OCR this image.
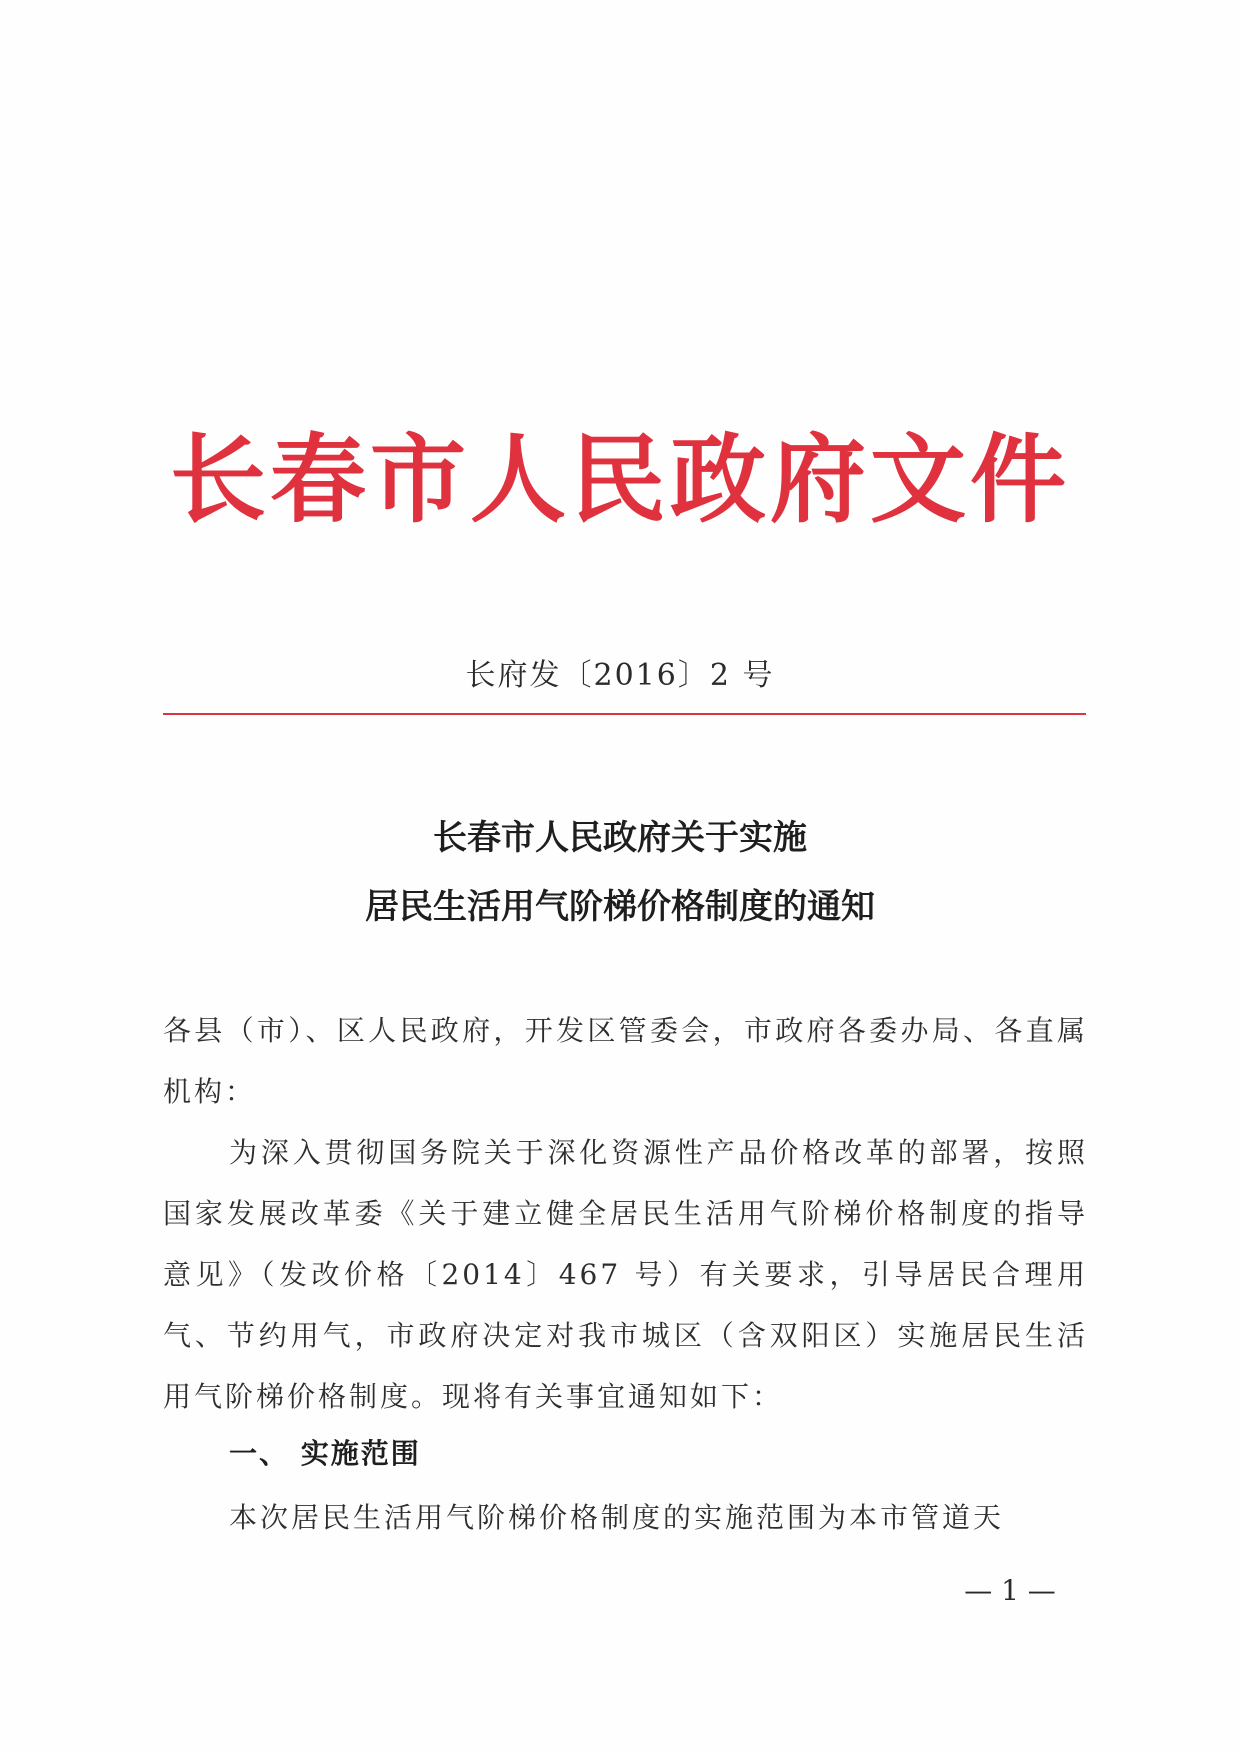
长春市人民政府文件
长府发〔2016〕2 号
长春市人民政府关于实施
居民生活用气阶梯价格制度的通知
各县（市）、区人民政府，开发区管委会，市政府各委办局、各直属机构：
为深入贯彻国务院关于深化资源性产品价格改革的部署，按照国家发展改革委《关于建立健全居民生活用气阶梯价格制度的指导意见》（发改价格〔2014〕467 号）有关要求，引导居民合理用气、节约用气，市政府决定对我市城区（含双阳区）实施居民生活用气阶梯价格制度。现将有关事宜通知如下：
一、 实施范围
本次居民生活用气阶梯价格制度的实施范围为本市管道天
— 1 —
